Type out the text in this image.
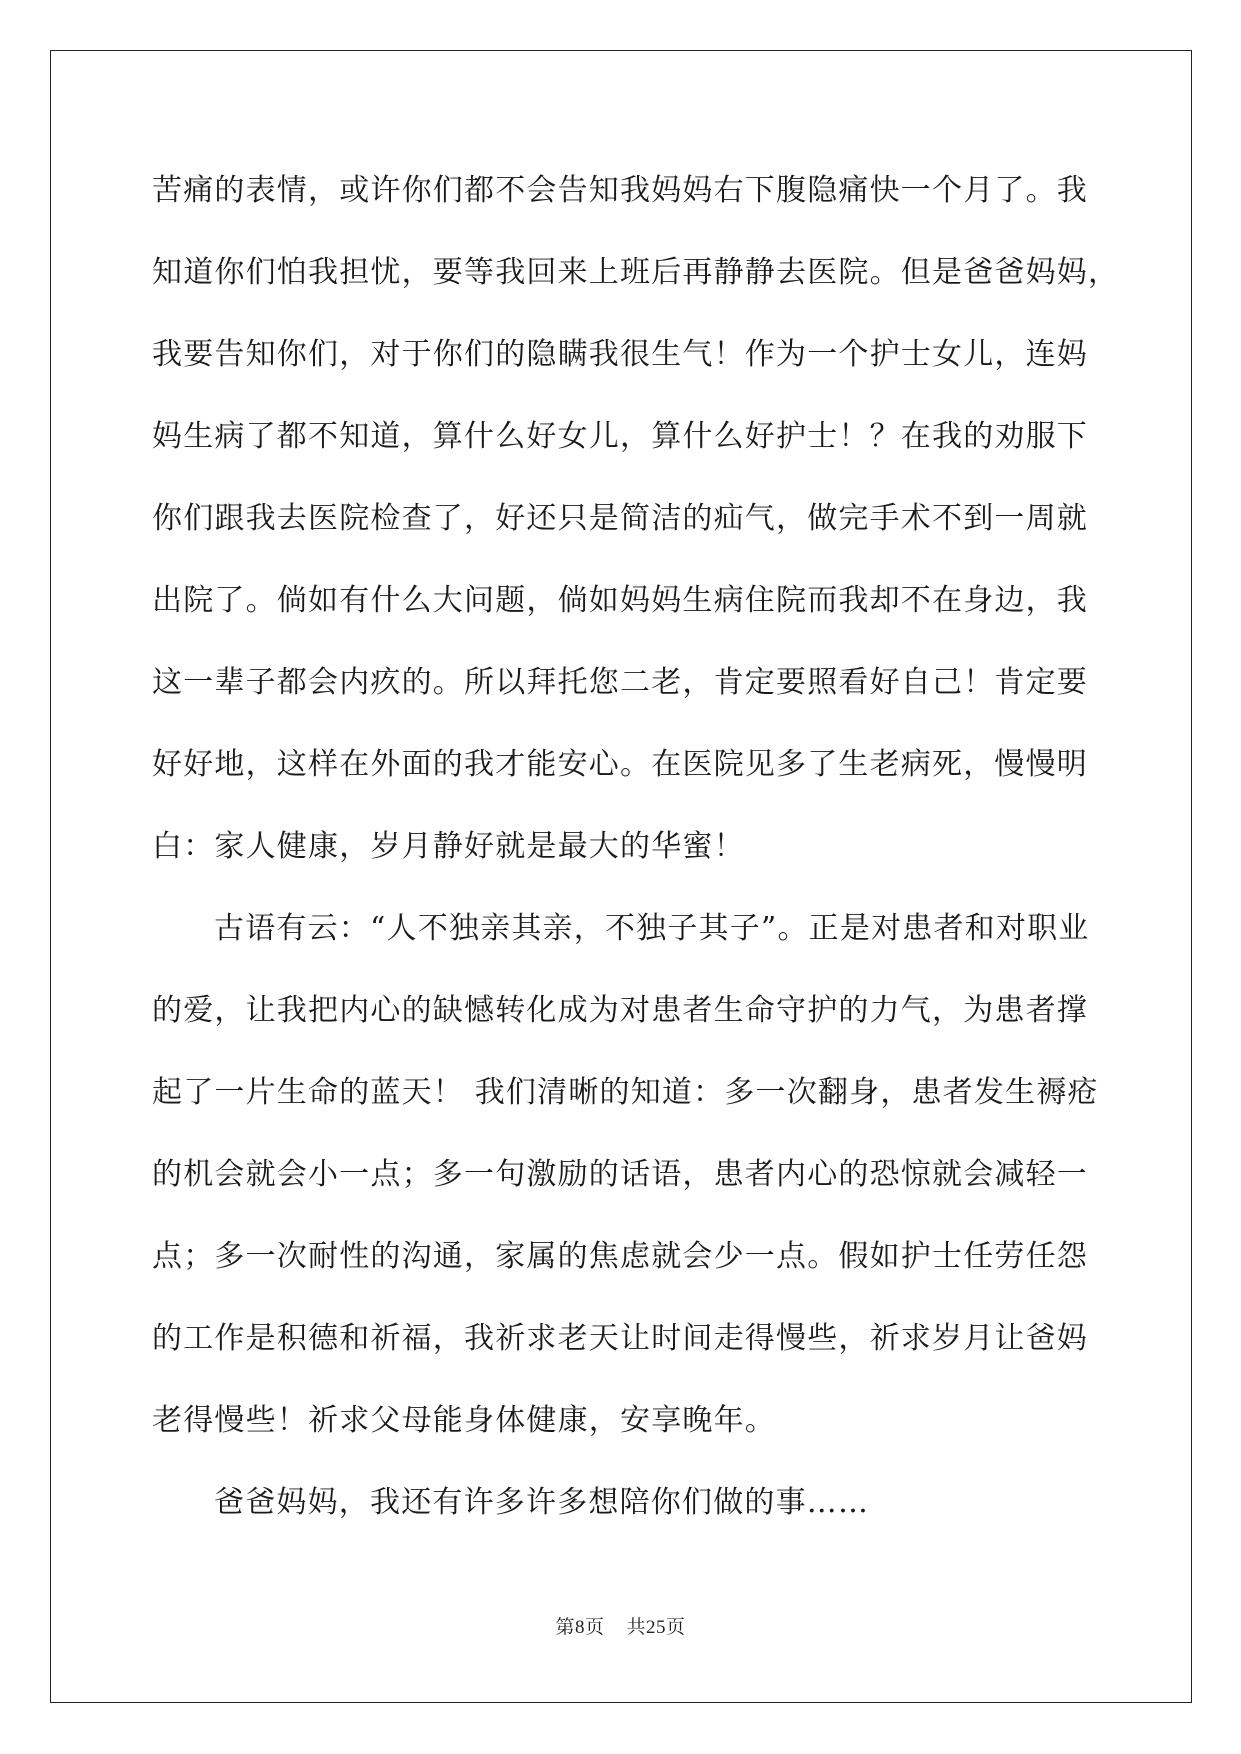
苦痛的表情，或许你们都不会告知我妈妈右下腹隐痛快一个月了。我
知道你们怕我担忧，要等我回来上班后再静静去医院。但是爸爸妈妈，
我要告知你们，对于你们的隐瞒我很生气！作为一个护士女儿，连妈
妈生病了都不知道，算什么好女儿，算什么好护士！？在我的劝服下
你们跟我去医院检查了，好还只是简洁的疝气，做完手术不到一周就
出院了。倘如有什么大问题，倘如妈妈生病住院而我却不在身边，我
这一辈子都会内疚的。所以拜托您二老，肯定要照看好自己！肯定要
好好地，这样在外面的我才能安心。在医院见多了生老病死，慢慢明
白：家人健康，岁月静好就是最大的华蜜！
古语有云：“人不独亲其亲，不独子其子”。正是对患者和对职业
的爱，让我把内心的缺憾转化成为对患者生命守护的力气，为患者撑
起了一片生命的蓝天！ 我们清晰的知道：多一次翻身，患者发生褥疮
的机会就会小一点；多一句激励的话语，患者内心的恐惊就会减轻一
点；多一次耐性的沟通，家属的焦虑就会少一点。假如护士任劳任怨
的工作是积德和祈福，我祈求老天让时间走得慢些，祈求岁月让爸妈
老得慢些！祈求父母能身体健康，安享晚年。
爸爸妈妈，我还有许多许多想陪你们做的事……
第8页 共25页
